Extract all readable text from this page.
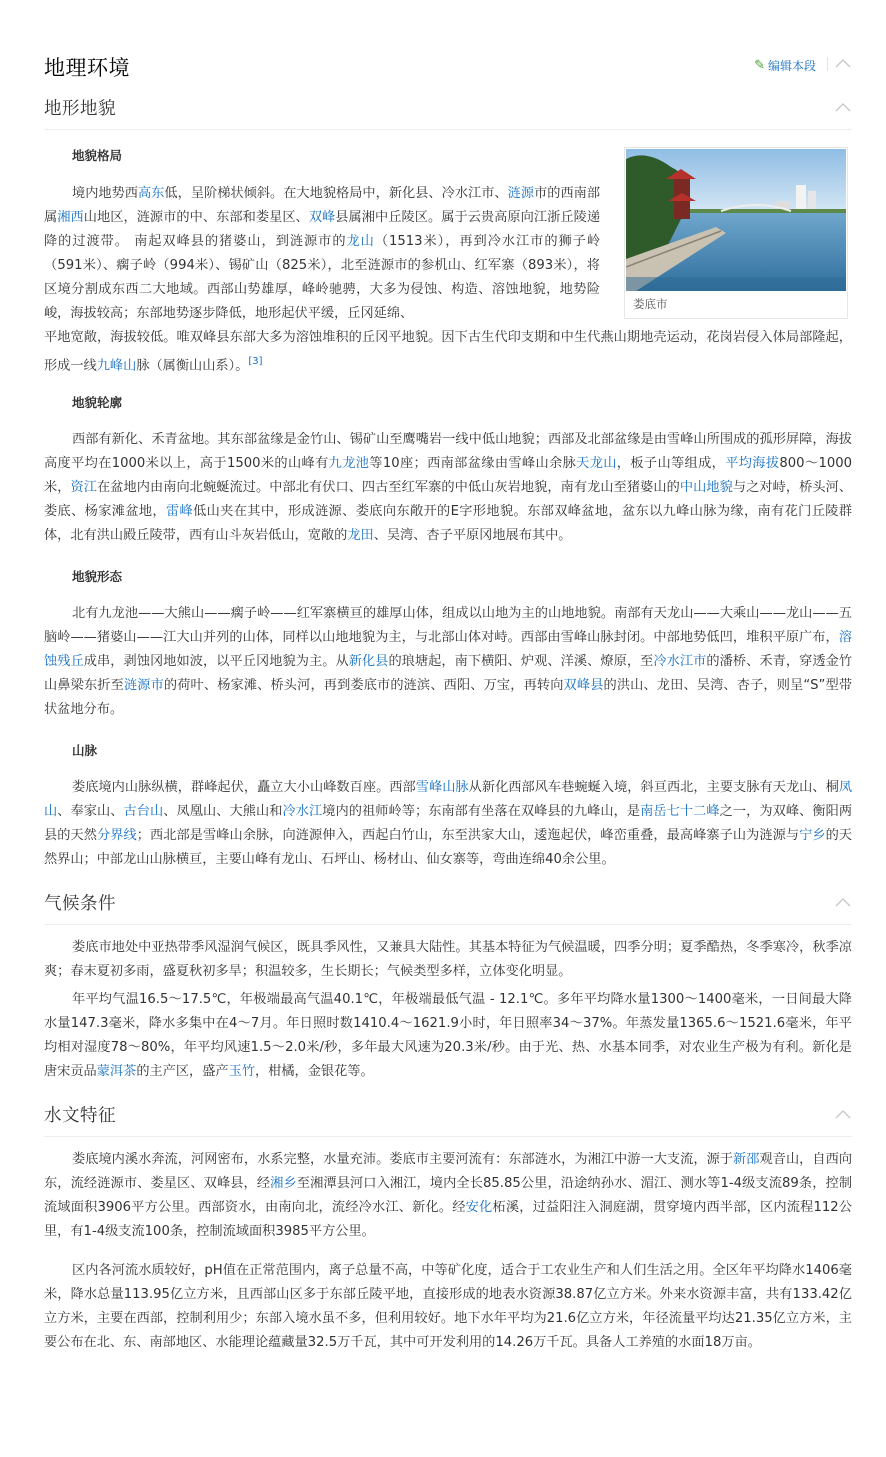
地理环境	✎ 编辑本段
地形地貌
地貌格局
娄底市

境内地势西高东低，呈阶梯状倾斜。在大地貌格局中，新化县、冷水江市、涟源市的西南部属湘西山地区，涟源市的中、东部和娄星区、双峰县属湘中丘陵区。属于云贵高原向江浙丘陵递降的过渡带。 南起双峰县的猪婆山，到涟源市的龙山（1513米），再到冷水江市的狮子岭（591米）、瘸子岭（994米）、锡矿山（825米），北至涟源市的参机山、红军寨（893米），将区境分割成东西二大地域。西部山势雄厚，峰岭驰骋，大多为侵蚀、构造、溶蚀地貌，地势险峻，海拔较高；东部地势逐步降低，地形起伏平缓，丘冈延绵、

平地宽敞，海拔较低。唯双峰县东部大多为溶蚀堆积的丘冈平地貌。因下古生代印支期和中生代燕山期地壳运动，花岗岩侵入体局部隆起，形成一线九峰山脉（属衡山山系）。[3]

地貌轮廓

西部有新化、禾青盆地。其东部盆缘是金竹山、锡矿山至鹰嘴岩一线中低山地貌；西部及北部盆缘是由雪峰山所围成的孤形屏障，海拔高度平均在1000米以上，高于1500米的山峰有九龙池等10座；西南部盆缘由雪峰山余脉天龙山，板子山等组成，平均海拔800～1000米，资江在盆地内由南向北蜿蜒流过。中部北有伏口、四古至红军寨的中低山灰岩地貌，南有龙山至猪婆山的中山地貌与之对峙，桥头河、娄底、杨家滩盆地，雷峰低山夹在其中，形成涟源、娄底向东敞开的E字形地貌。东部双峰盆地，盆东以九峰山脉为缘，南有花门丘陵群体，北有洪山殿丘陵带，西有山斗灰岩低山，宽敞的龙田、吴湾、杏子平原冈地展布其中。

地貌形态

北有九龙池——大熊山——瘸子岭——红军寨横亘的雄厚山体，组成以山地为主的山地地貌。南部有天龙山——大乘山——龙山——五脑岭——猪婆山——江大山并列的山体，同样以山地地貌为主，与北部山体对峙。西部由雪峰山脉封闭。中部地势低凹，堆积平原广布，溶蚀残丘成串，剥蚀冈地如波，以平丘冈地貌为主。从新化县的琅塘起，南下横阳、炉观、洋溪、燎原，至冷水江市的潘桥、禾青，穿透金竹山鼻梁东折至涟源市的荷叶、杨家滩、桥头河，再到娄底市的涟滨、西阳、万宝，再转向双峰县的洪山、龙田、吴湾、杏子，则呈“S”型带状盆地分布。

山脉

娄底境内山脉纵横，群峰起伏，矗立大小山峰数百座。西部雪峰山脉从新化西部风车巷蜿蜒入境，斜亘西北，主要支脉有天龙山、桐凤山、奉家山、古台山、凤凰山、大熊山和冷水江境内的祖师岭等；东南部有坐落在双峰县的九峰山，是南岳七十二峰之一，为双峰、衡阳两县的天然分界线；西北部是雪峰山余脉，向涟源伸入，西起白竹山，东至洪家大山，逶迤起伏，峰峦重叠，最高峰寨子山为涟源与宁乡的天然界山；中部龙山山脉横亘，主要山峰有龙山、石坪山、杨材山、仙女寨等，弯曲连绵40余公里。

气候条件

娄底市地处中亚热带季风湿润气候区，既具季风性，又兼具大陆性。其基本特征为气候温暖，四季分明；夏季酷热，冬季寒冷，秋季凉爽；春末夏初多雨，盛夏秋初多旱；积温较多，生长期长；气候类型多样，立体变化明显。

年平均气温16.5～17.5℃，年极端最高气温40.1℃，年极端最低气温 - 12.1℃。多年平均降水量1300～1400毫米，一日间最大降水量147.3毫米，降水多集中在4～7月。年日照时数1410.4～1621.9小时，年日照率34～37%。年蒸发量1365.6～1521.6毫米，年平均相对湿度78～80%，年平均风速1.5～2.0米/秒，多年最大风速为20.3米/秒。由于光、热、水基本同季，对农业生产极为有利。新化是唐宋贡品蒙洱茶的主产区，盛产玉竹，柑橘，金银花等。

水文特征

娄底境内溪水奔流，河网密布，水系完整，水量充沛。娄底市主要河流有：东部涟水，为湘江中游一大支流，源于新邵观音山，自西向东，流经涟源市、娄星区、双峰县，经湘乡至湘潭县河口入湘江，境内全长85.85公里，沿途纳孙水、湄江、测水等1-4级支流89条，控制流域面积3906平方公里。西部资水，由南向北，流经冷水江、新化。经安化柘溪，过益阳注入洞庭湖，贯穿境内西半部，区内流程112公里，有1-4级支流100条，控制流域面积3985平方公里。

区内各河流水质较好，pH值在正常范围内，离子总量不高，中等矿化度，适合于工农业生产和人们生活之用。全区年平均降水1406毫米，降水总量113.95亿立方米，且西部山区多于东部丘陵平地，直接形成的地表水资源38.87亿立方米。外来水资源丰富，共有133.42亿立方米，主要在西部，控制利用少；东部入境水虽不多，但利用较好。地下水年平均为21.6亿立方米，年径流量平均达21.35亿立方米，主要公布在北、东、南部地区、水能理论蕴藏量32.5万千瓦，其中可开发利用的14.26万千瓦。具备人工养殖的水面18万亩。
